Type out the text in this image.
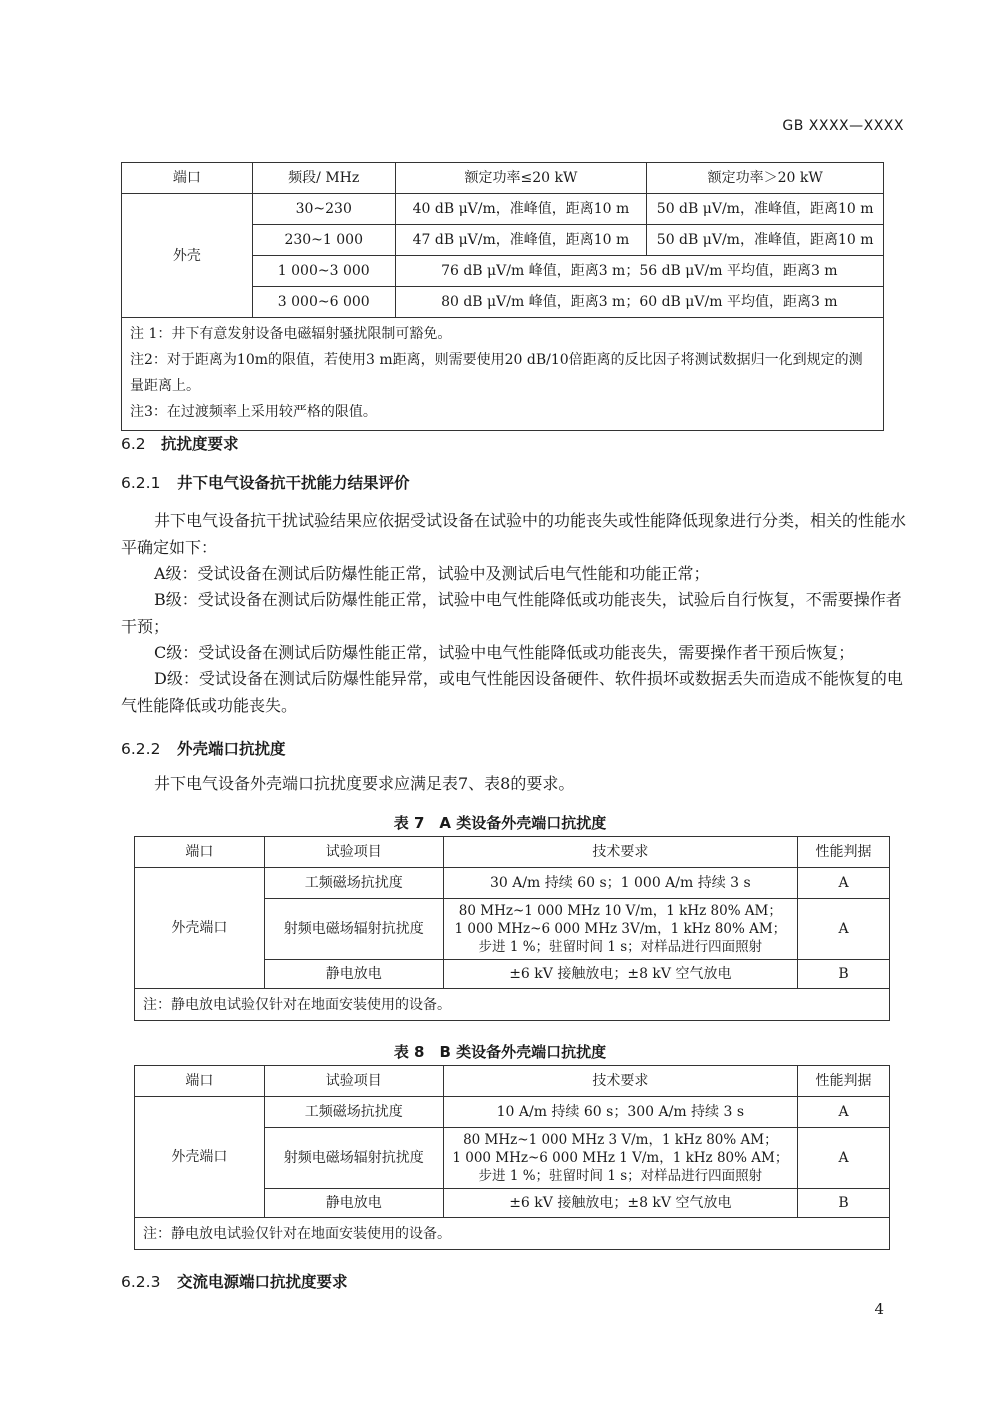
GB XXXX—XXXX
端口	频段/ MHz	额定功率≤20 kW	额定功率＞20 kW
外壳	30~230	40 dB μV/m，准峰值，距离10 m	50 dB μV/m，准峰值，距离10 m
	230~1 000	47 dB μV/m，准峰值，距离10 m	50 dB μV/m，准峰值，距离10 m
	1 000~3 000	76 dB μV/m 峰值，距离3 m；56 dB μV/m 平均值，距离3 m	
	3 000~6 000	80 dB μV/m 峰值，距离3 m；60 dB μV/m 平均值，距离3 m	

注 1：井下有意发射设备电磁辐射骚扰限制可豁免。
注2：对于距离为10m的限值，若使用3 m距离，则需要使用20 dB/10倍距离的反比因子将测试数据归一化到规定的测量距离上。
注3：在过渡频率上采用较严格的限值。			
6.2 抗扰度要求
6.2.1 井下电气设备抗干扰能力结果评价
井下电气设备抗干扰试验结果应依据受试设备在试验中的功能丧失或性能降低现象进行分类，相关的性能水平确定如下：
A级：受试设备在测试后防爆性能正常，试验中及测试后电气性能和功能正常；
B级：受试设备在测试后防爆性能正常，试验中电气性能降低或功能丧失，试验后自行恢复，不需要操作者干预；
C级：受试设备在测试后防爆性能正常，试验中电气性能降低或功能丧失，需要操作者干预后恢复；
D级：受试设备在测试后防爆性能异常，或电气性能因设备硬件、软件损坏或数据丢失而造成不能恢复的电气性能降低或功能丧失。
6.2.2 外壳端口抗扰度
井下电气设备外壳端口抗扰度要求应满足表7、表8的要求。
表 7　A 类设备外壳端口抗扰度
端口	试验项目	技术要求	性能判据
外壳端口	工频磁场抗扰度	30 A/m 持续 60 s；1 000 A/m 持续 3 s	A
	射频电磁场辐射抗扰度	80 MHz~1 000 MHz 10 V/m，1 kHz 80% AM；
1 000 MHz~6 000 MHz 3V/m，1 kHz 80% AM；
步进 1 %；驻留时间 1 s；对样品进行四面照射	A
	静电放电	±6 kV 接触放电；±8 kV 空气放电	B
注：静电放电试验仅针对在地面安装使用的设备。			
表 8　B 类设备外壳端口抗扰度
端口	试验项目	技术要求	性能判据
外壳端口	工频磁场抗扰度	10 A/m 持续 60 s；300 A/m 持续 3 s	A
	射频电磁场辐射抗扰度	80 MHz~1 000 MHz 3 V/m，1 kHz 80% AM；
1 000 MHz~6 000 MHz 1 V/m，1 kHz 80% AM；
步进 1 %；驻留时间 1 s；对样品进行四面照射	A
	静电放电	±6 kV 接触放电；±8 kV 空气放电	B
注：静电放电试验仅针对在地面安装使用的设备。			
6.2.3 交流电源端口抗扰度要求
4
